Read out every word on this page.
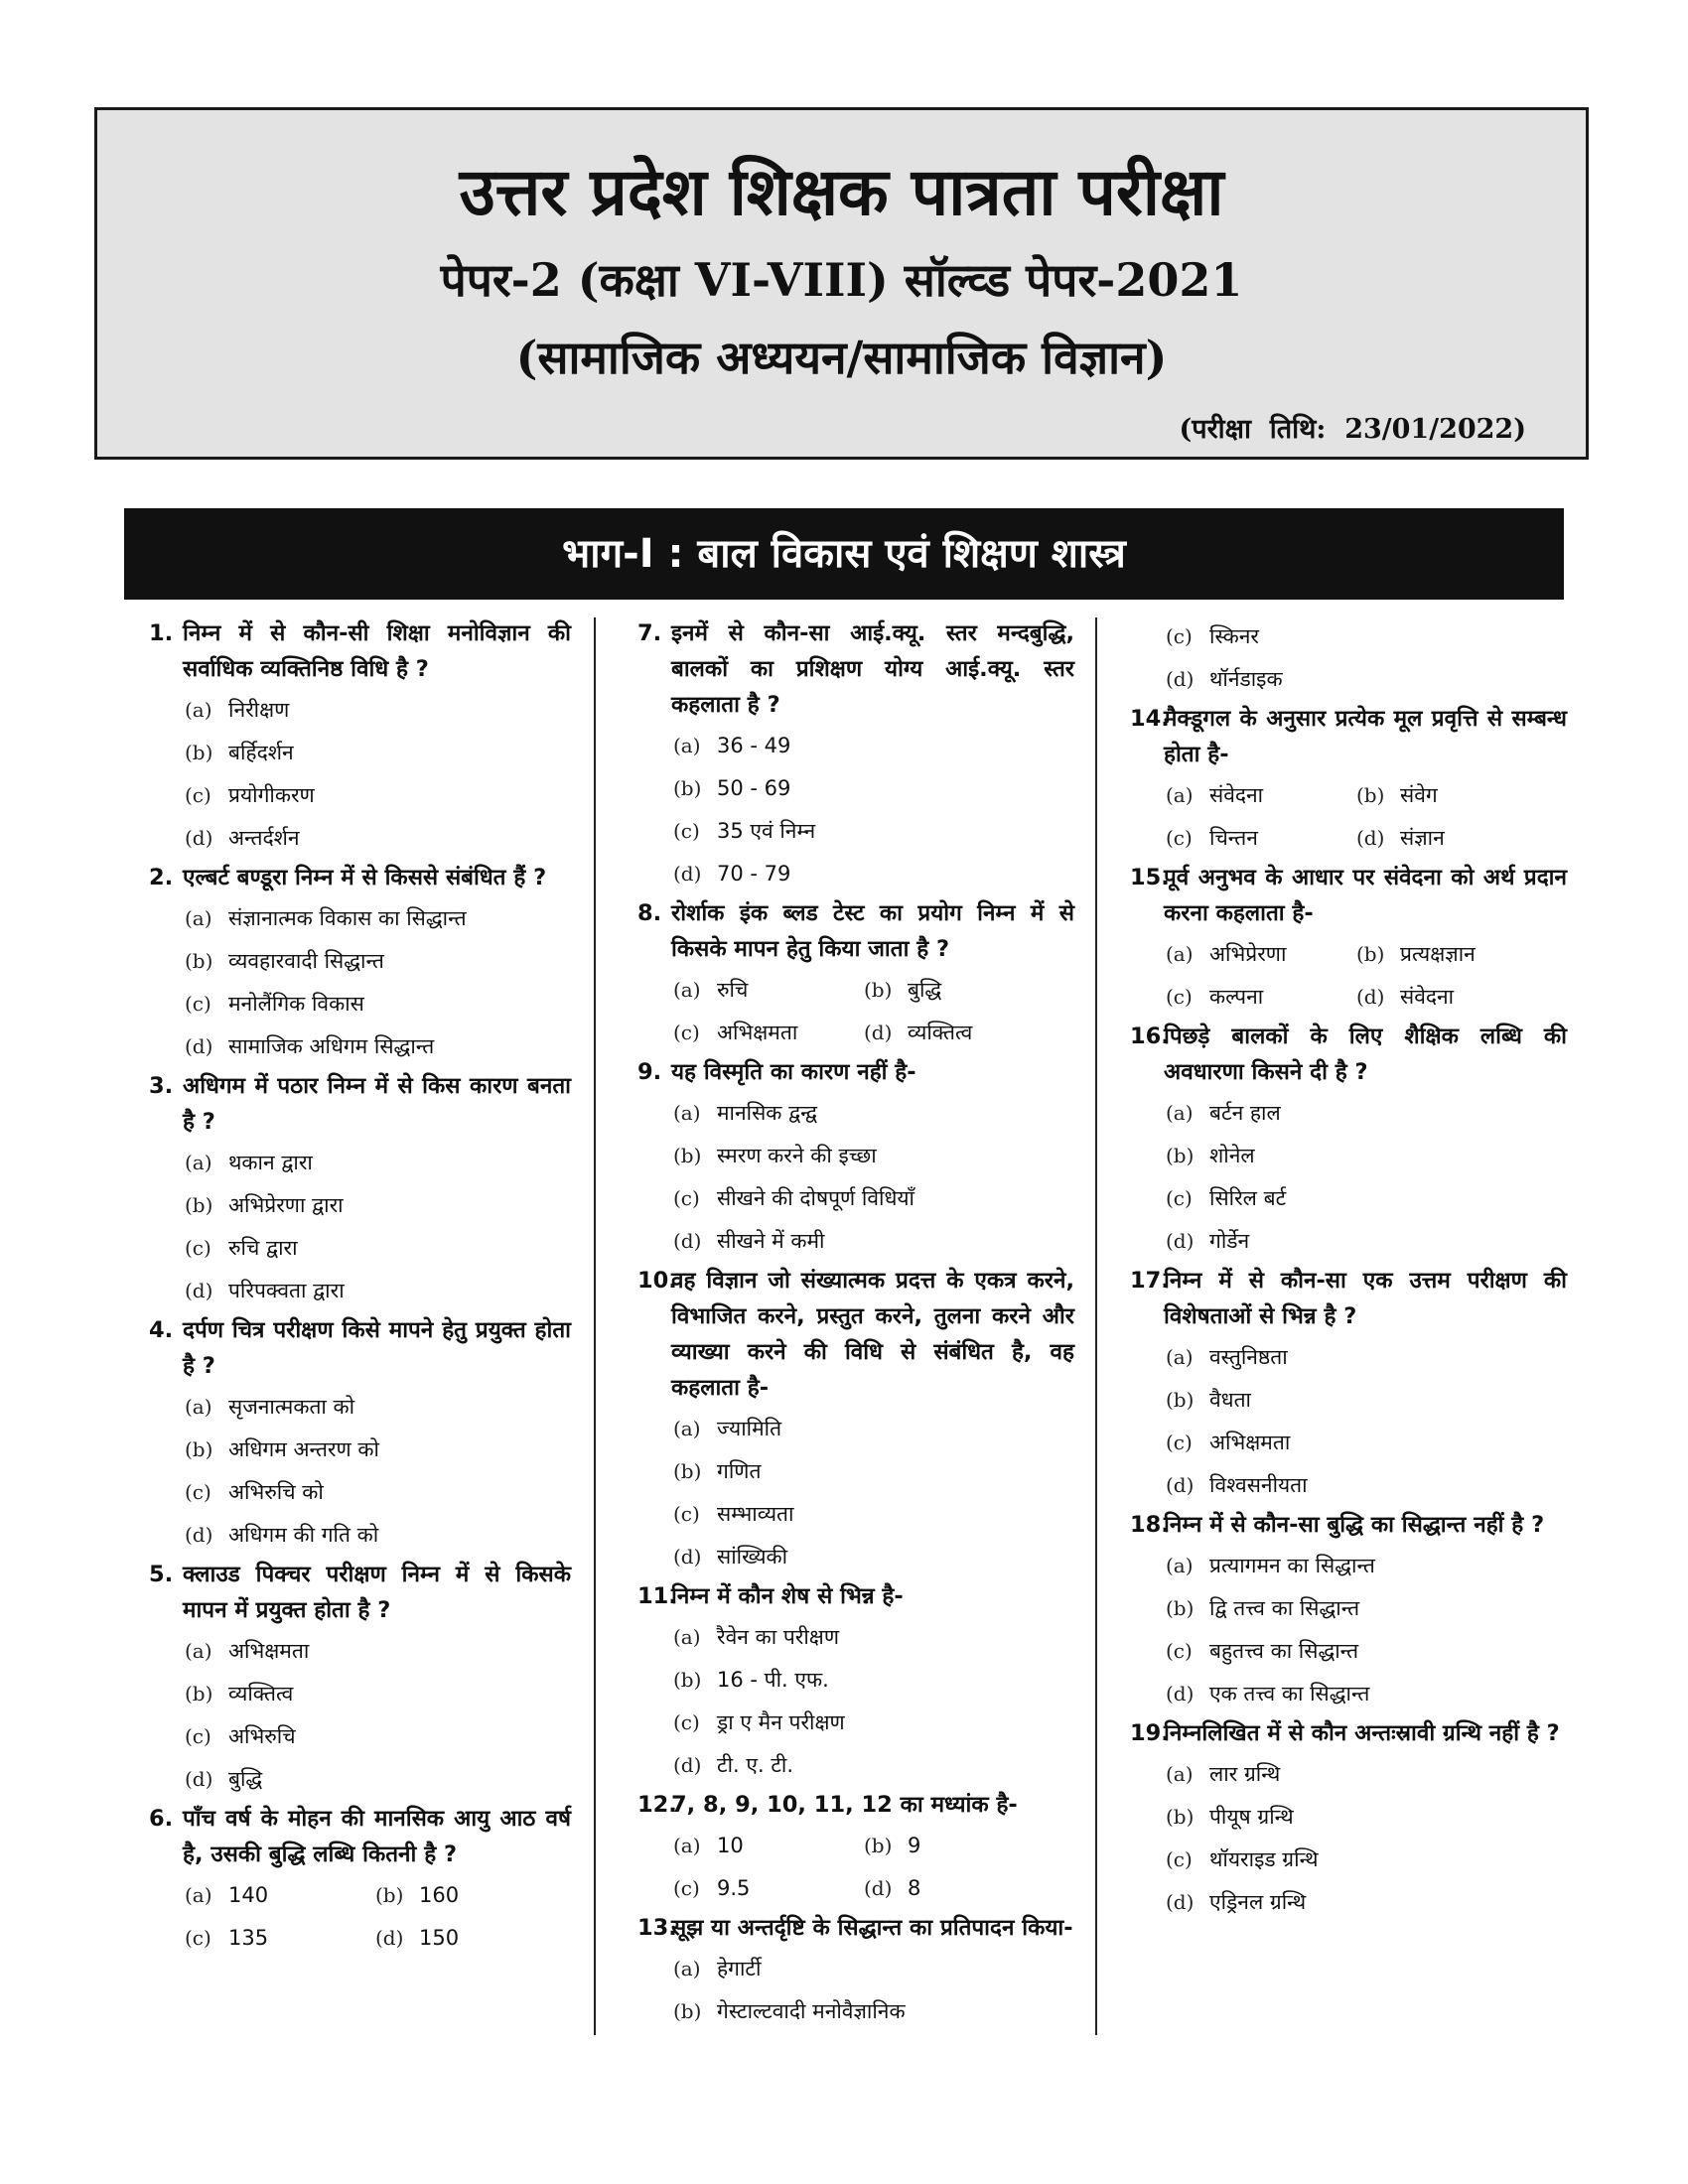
उत्तर प्रदेश शिक्षक पात्रता परीक्षा
पेपर-2 (कक्षा VI-VIII) सॉल्व्ड पेपर-2021
(सामाजिक अध्ययन/सामाजिक विज्ञान)
(परीक्षा  तिथि:  23/01/2022)
भाग-I : बाल विकास एवं शिक्षण शास्त्र
1. निम्न में से कौन-सी शिक्षा मनोविज्ञान की सर्वाधिक व्यक्तिनिष्ठ विधि है ?
(a) निरीक्षण
(b) बर्हिदर्शन
(c) प्रयोगीकरण
(d) अन्तर्दर्शन
2. एल्बर्ट बण्डूरा निम्न में से किससे संबंधित हैं ?
(a) संज्ञानात्मक विकास का सिद्धान्त
(b) व्यवहारवादी सिद्धान्त
(c) मनोलैंगिक विकास
(d) सामाजिक अधिगम सिद्धान्त
3. अधिगम में पठार निम्न में से किस कारण बनता है ?
(a) थकान द्वारा
(b) अभिप्रेरणा द्वारा
(c) रुचि द्वारा
(d) परिपक्वता द्वारा
4. दर्पण चित्र परीक्षण किसे मापने हेतु प्रयुक्त होता है ?
(a) सृजनात्मकता को
(b) अधिगम अन्तरण को
(c) अभिरुचि को
(d) अधिगम की गति को
5. क्लाउड पिक्चर परीक्षण निम्न में से किसके मापन में प्रयुक्त होता है ?
(a) अभिक्षमता
(b) व्यक्तित्व
(c) अभिरुचि
(d) बुद्धि
6. पाँच वर्ष के मोहन की मानसिक आयु आठ वर्ष है, उसकी बुद्धि लब्धि कितनी है ?
(a) 140	(b) 160
(c) 135	(d) 150
7. इनमें से कौन-सा आई.क्यू. स्तर मन्दबुद्धि, बालकों का प्रशिक्षण योग्य आई.क्यू. स्तर कहलाता है ?
(a) 36 - 49
(b) 50 - 69
(c) 35 एवं निम्न
(d) 70 - 79
8. रोर्शाक इंक ब्लड टेस्ट का प्रयोग निम्न में से किसके मापन हेतु किया जाता है ?
(a) रुचि	(b) बुद्धि
(c) अभिक्षमता	(d) व्यक्तित्व
9. यह विस्मृति का कारण नहीं है-
(a) मानसिक द्वन्द्व
(b) स्मरण करने की इच्छा
(c) सीखने की दोषपूर्ण विधियाँ
(d) सीखने में कमी
10.
वह विज्ञान जो संख्यात्मक प्रदत्त के एकत्र करने, विभाजित करने, प्रस्तुत करने, तुलना करने और व्याख्या करने की विधि से संबंधित है, वह कहलाता है-
(a) ज्यामिति
(b) गणित
(c) सम्भाव्यता
(d) सांख्यिकी
11.
निम्न में कौन शेष से भिन्न है-
(a) रैवेन का परीक्षण
(b) 16 - पी. एफ.
(c) ड्रा ए मैन परीक्षण
(d) टी. ए. टी.
12.
7, 8, 9, 10, 11, 12 का मध्यांक है-
(a) 10	(b) 9
(c) 9.5	(d) 8
13.
सूझ या अन्तर्दृष्टि के सिद्धान्त का प्रतिपादन किया-
(a) हेगार्टी
(b) गेस्टाल्टवादी मनोवैज्ञानिक
(c) स्किनर
(d) थॉर्नडाइक
14.
मैक्डूगल के अनुसार प्रत्येक मूल प्रवृत्ति से सम्बन्ध होता है-
(a) संवेदना	(b) संवेग
(c) चिन्तन	(d) संज्ञान
15.
पूर्व अनुभव के आधार पर संवेदना को अर्थ प्रदान करना कहलाता है-
(a) अभिप्रेरणा	(b) प्रत्यक्षज्ञान
(c) कल्पना	(d) संवेदना
16.
पिछड़े बालकों के लिए शैक्षिक लब्धि की अवधारणा किसने दी है ?
(a) बर्टन हाल
(b) शोनेल
(c) सिरिल बर्ट
(d) गोर्डेन
17.
निम्न में से कौन-सा एक उत्तम परीक्षण की विशेषताओं से भिन्न है ?
(a) वस्तुनिष्ठता
(b) वैधता
(c) अभिक्षमता
(d) विश्वसनीयता
18.
निम्न में से कौन-सा बुद्धि का सिद्धान्त नहीं है ?
(a) प्रत्यागमन का सिद्धान्त
(b) द्वि तत्त्व का सिद्धान्त
(c) बहुतत्त्व का सिद्धान्त
(d) एक तत्त्व का सिद्धान्त
19.
निम्नलिखित में से कौन अन्तःस्रावी ग्रन्थि नहीं है ?
(a) लार ग्रन्थि
(b) पीयूष ग्रन्थि
(c) थॉयराइड ग्रन्थि
(d) एड्रिनल ग्रन्थि
